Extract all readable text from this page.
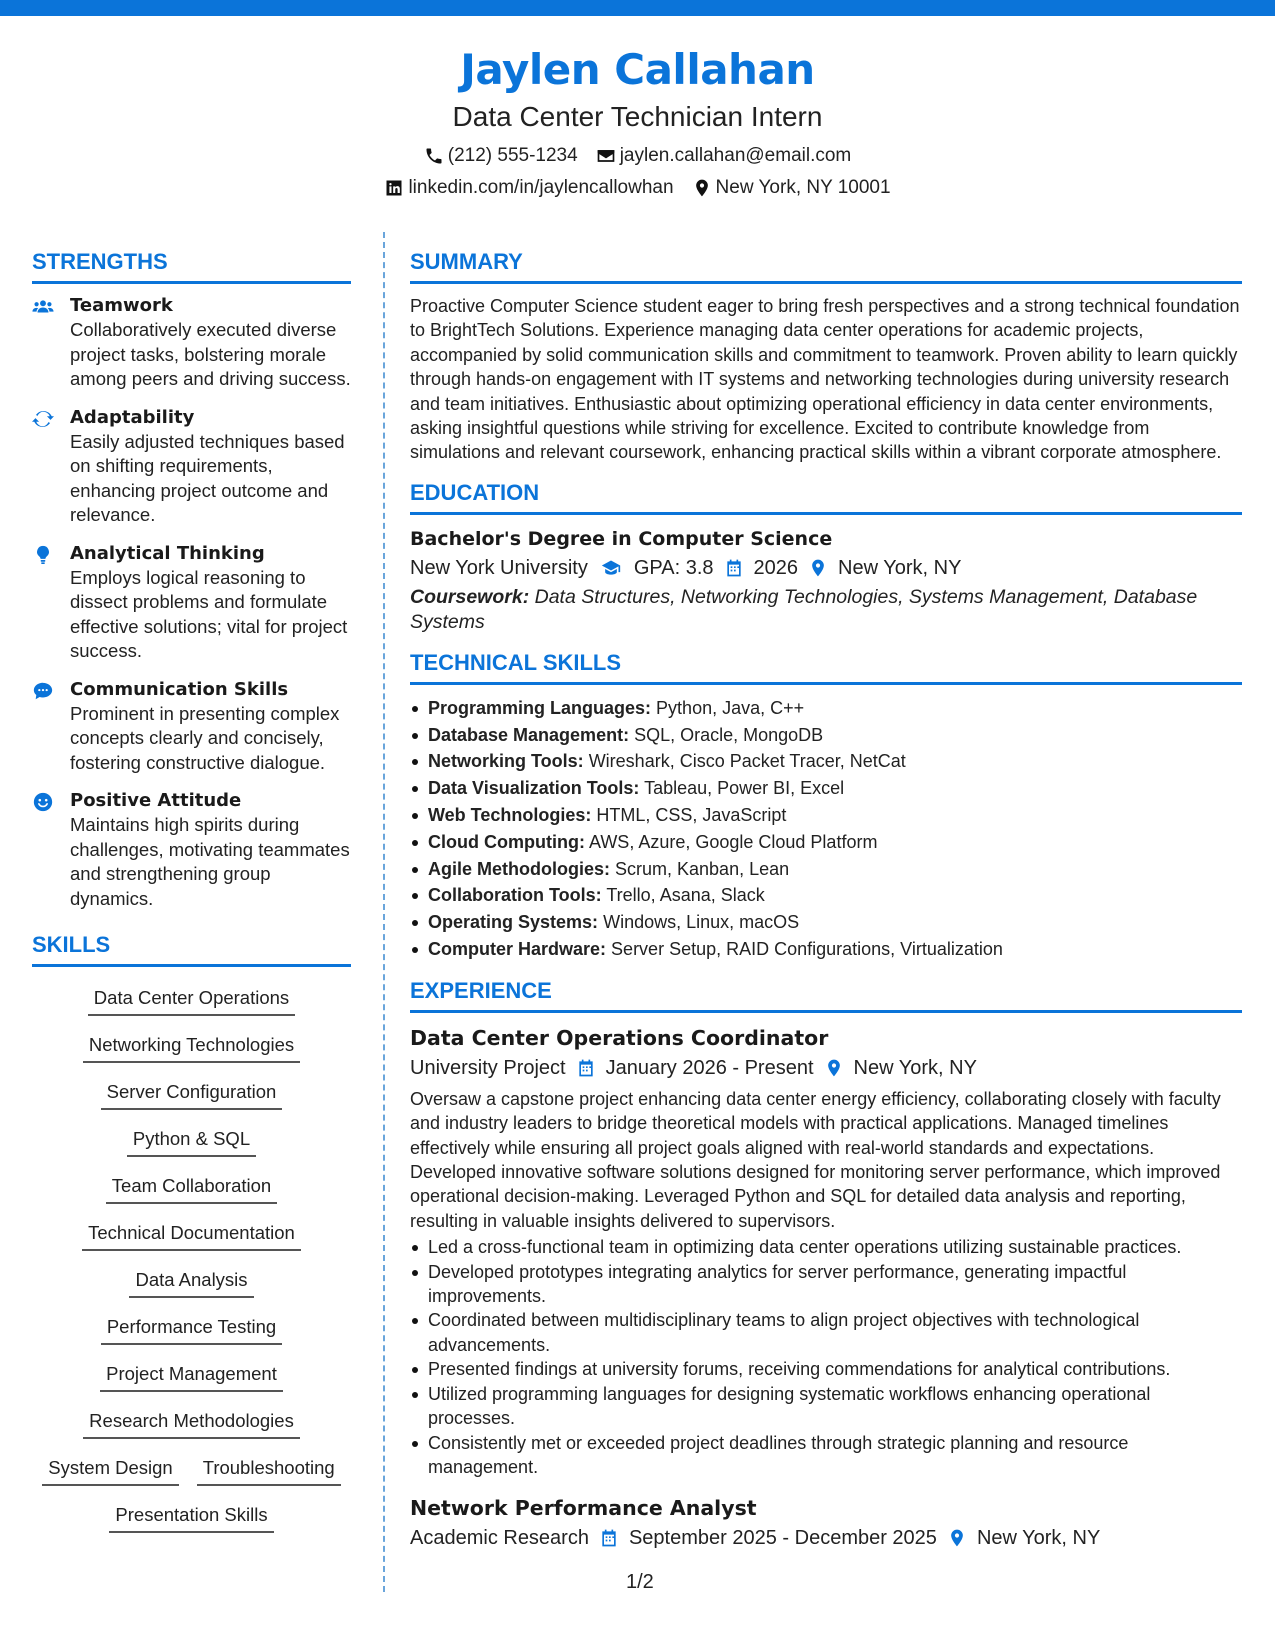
Jaylen Callahan
Data Center Technician Intern
(212) 555-1234 jaylen.callahan@email.com
linkedin.com/in/jaylencallowhan New York, NY 10001
STRENGTHS
Teamwork
Collaboratively executed diverse project tasks, bolstering morale among peers and driving success.
Adaptability
Easily adjusted techniques based on shifting requirements, enhancing project outcome and relevance.
Analytical Thinking
Employs logical reasoning to dissect problems and formulate effective solutions; vital for project success.
Communication Skills
Prominent in presenting complex concepts clearly and concisely, fostering constructive dialogue.
Positive Attitude
Maintains high spirits during challenges, motivating teammates and strengthening group dynamics.
SKILLS
Data Center Operations
Networking Technologies
Server Configuration
Python & SQL
Team Collaboration
Technical Documentation
Data Analysis
Performance Testing
Project Management
Research Methodologies
System Design	Troubleshooting
Presentation Skills
SUMMARY
Proactive Computer Science student eager to bring fresh perspectives and a strong technical foundation to BrightTech Solutions. Experience managing data center operations for academic projects, accompanied by solid communication skills and commitment to teamwork. Proven ability to learn quickly through hands-on engagement with IT systems and networking technologies during university research and team initiatives. Enthusiastic about optimizing operational efficiency in data center environments, asking insightful questions while striving for excellence. Excited to contribute knowledge from simulations and relevant coursework, enhancing practical skills within a vibrant corporate atmosphere.
EDUCATION
Bachelor's Degree in Computer Science
New York University GPA: 3.8 2026 New York, NY
Coursework: Data Structures, Networking Technologies, Systems Management, Database Systems
TECHNICAL SKILLS
Programming Languages: Python, Java, C++
Database Management: SQL, Oracle, MongoDB
Networking Tools: Wireshark, Cisco Packet Tracer, NetCat
Data Visualization Tools: Tableau, Power BI, Excel
Web Technologies: HTML, CSS, JavaScript
Cloud Computing: AWS, Azure, Google Cloud Platform
Agile Methodologies: Scrum, Kanban, Lean
Collaboration Tools: Trello, Asana, Slack
Operating Systems: Windows, Linux, macOS
Computer Hardware: Server Setup, RAID Configurations, Virtualization
EXPERIENCE
Data Center Operations Coordinator
University Project January 2026 - Present New York, NY
Oversaw a capstone project enhancing data center energy efficiency, collaborating closely with faculty and industry leaders to bridge theoretical models with practical applications. Managed timelines effectively while ensuring all project goals aligned with real-world standards and expectations. Developed innovative software solutions designed for monitoring server performance, which improved operational decision-making. Leveraged Python and SQL for detailed data analysis and reporting, resulting in valuable insights delivered to supervisors.
Led a cross-functional team in optimizing data center operations utilizing sustainable practices.
Developed prototypes integrating analytics for server performance, generating impactful improvements.
Coordinated between multidisciplinary teams to align project objectives with technological advancements.
Presented findings at university forums, receiving commendations for analytical contributions.
Utilized programming languages for designing systematic workflows enhancing operational processes.
Consistently met or exceeded project deadlines through strategic planning and resource management.
Network Performance Analyst
Academic Research September 2025 - December 2025 New York, NY
1/2
